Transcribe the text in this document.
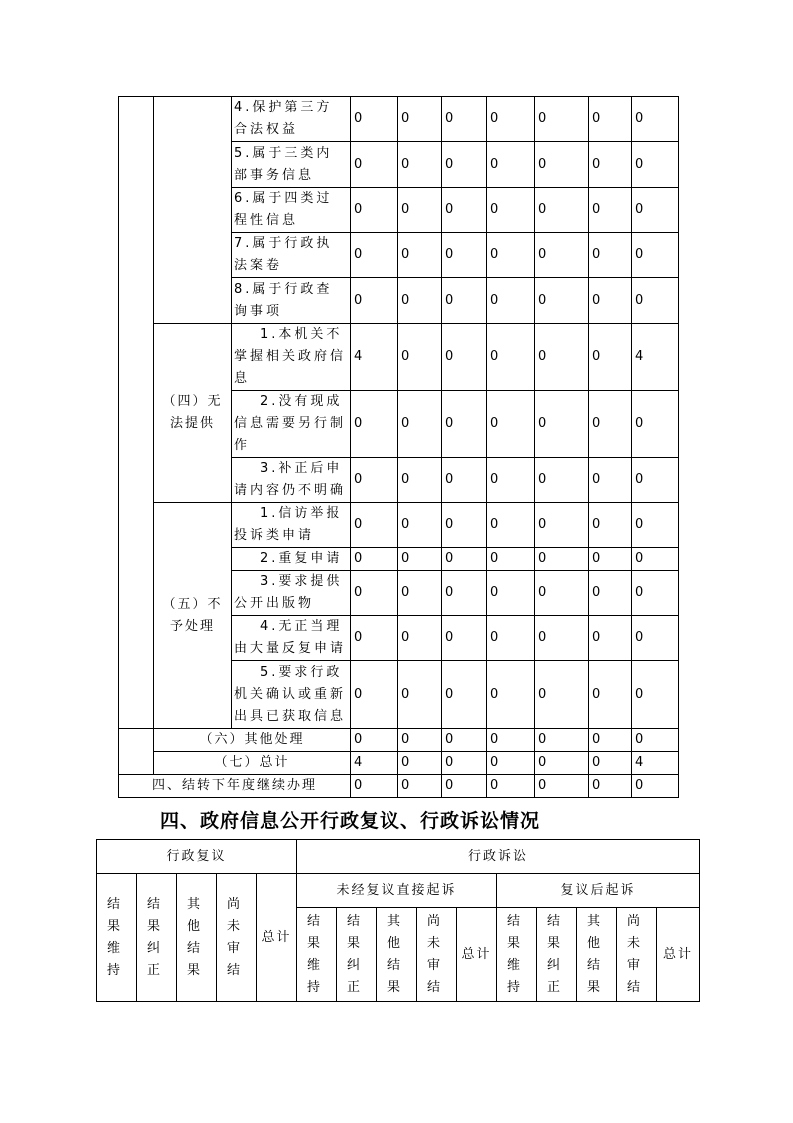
		4.保护第三方合法权益	0	0	0	0	0	0	0
		5.属于三类内部事务信息	0	0	0	0	0	0	0
		6.属于四类过程性信息	0	0	0	0	0	0	0
		7.属于行政执法案卷	0	0	0	0	0	0	0
		8.属于行政查询事项	0	0	0	0	0	0	0
	（四）无法提供	1.本机关不掌握相关政府信息	4	0	0	0	0	0	4
		2.没有现成信息需要另行制作	0	0	0	0	0	0	0
		3.补正后申请内容仍不明确	0	0	0	0	0	0	0
	（五）不予处理	1.信访举报投诉类申请	0	0	0	0	0	0	0
		2.重复申请	0	0	0	0	0	0	0
		3.要求提供公开出版物	0	0	0	0	0	0	0
		4.无正当理由大量反复申请	0	0	0	0	0	0	0
		5.要求行政机关确认或重新出具已获取信息	0	0	0	0	0	0	0
	（六）其他处理		0	0	0	0	0	0	0
	（七）总计		4	0	0	0	0	0	4
四、结转下年度继续办理			0	0	0	0	0	0	0
四、政府信息公开行政复议、行政诉讼情况
行政复议					行政诉讼									
结果维持	结果纠正	其他结果	尚未审结	总计	未经复议直接起诉					复议后起诉				
					结果维持	结果纠正	其他结果	尚未审结	总计	结果维持	结果纠正	其他结果	尚未审结	总计
